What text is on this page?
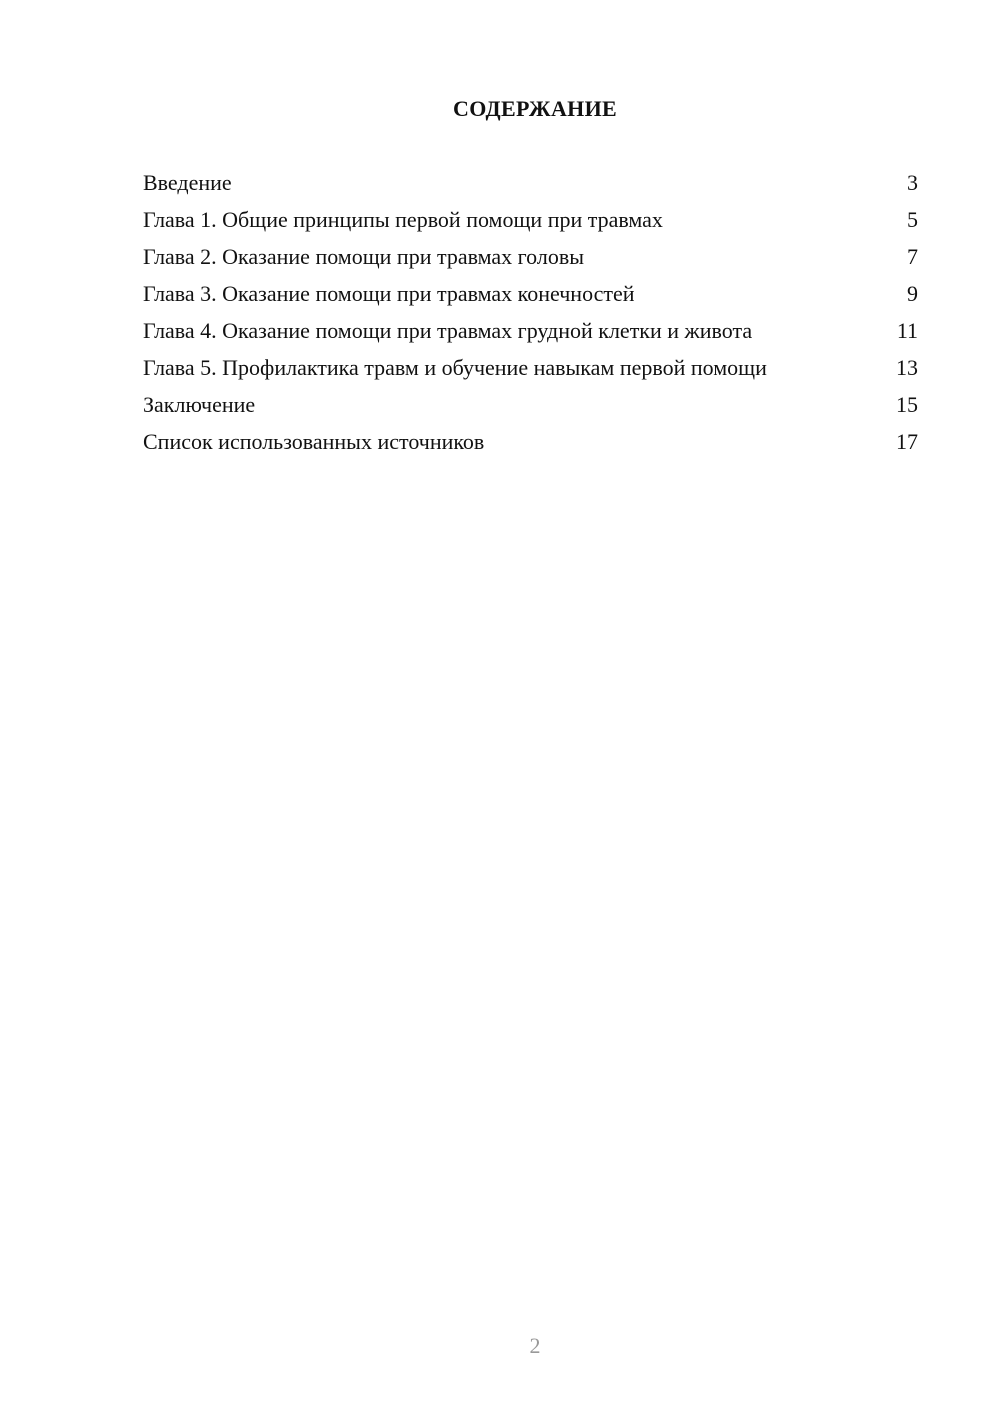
СОДЕРЖАНИЕ
Введение	3
Глава 1. Общие принципы первой помощи при травмах	5
Глава 2. Оказание помощи при травмах головы	7
Глава 3. Оказание помощи при травмах конечностей	9
Глава 4. Оказание помощи при травмах грудной клетки и живота	11
Глава 5. Профилактика травм и обучение навыкам первой помощи	13
Заключение	15
Список использованных источников	17
2
